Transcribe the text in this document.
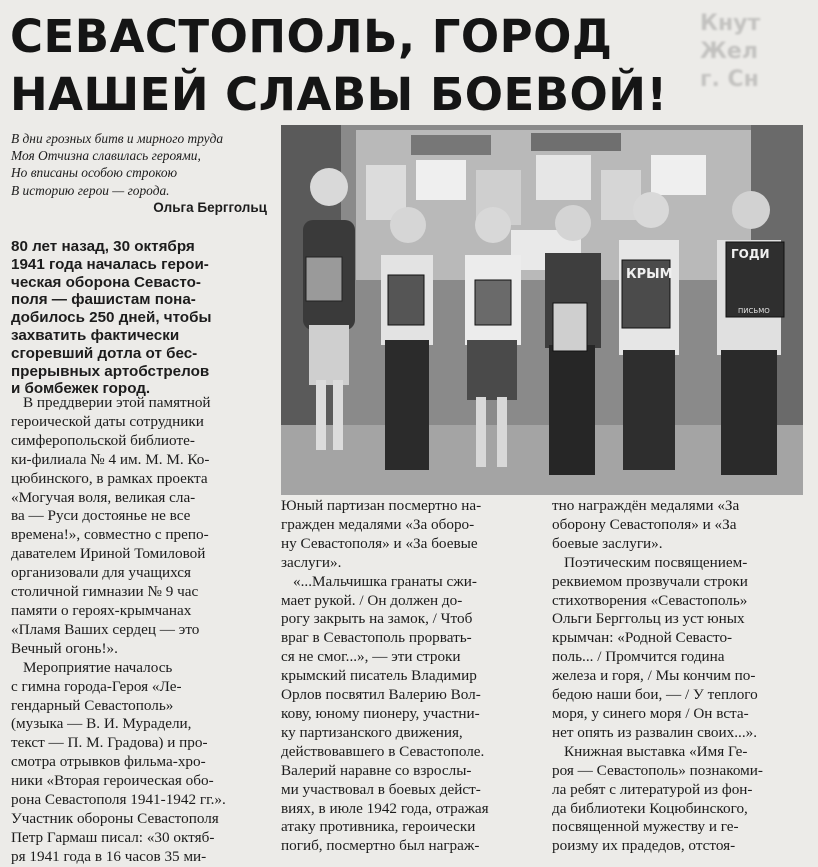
СЕВАСТОПОЛЬ, ГОРОД
НАШЕЙ СЛАВЫ БОЕВОЙ!
Кнут
Жел
г. Сн
В дни грозных битв и мирного труда
Моя Отчизна славилась героями,
Но вписаны особою строкою
В историю герои — города.
Ольга Берггольц
80 лет назад, 30 октября
1941 года началась герои-
ческая оборона Севасто-
поля — фашистам пона-
добилось 250 дней, чтобы
захватить фактически
сгоревший дотла от бес-
прерывных артобстрелов
и бомбежек город.
КРЫМ
ГОДИ
ПИСЬМО

В преддверии этой памятной
героической даты сотрудники
симферопольской библиоте-
ки-филиала № 4 им. М. М. Ко-
цюбинского, в рамках проекта
«Могучая воля, великая сла-
ва — Руси достояньe не все
времена!», совместно с препо-
давателем Ириной Томиловой
организовали для учащихся
столичной гимназии № 9 час
памяти о героях-крымчанах
«Пламя Ваших сердец — это
Вечный огонь!».

Мероприятие началось
с гимна города-Героя «Ле-
гендарный Севастополь»
(музыка — В. И. Мурадели,
текст — П. М. Градова) и про-
смотра отрывков фильма-хро-
ники «Вторая героическая обо-
рона Севастополя 1941-1942 гг.».
Участник обороны Севастополя
Петр Гармаш писал: «30 октяб-
ря 1941 года в 16 часов 35 ми-

Юный партизан посмертно на-
гражден медалями «За оборо-
ну Севастополя» и «За боевые
заслуги».

«...Мальчишка гранаты сжи-
мает рукой. / Он должен до-
рогу закрыть на замок, / Чтоб
враг в Севастополь прорвать-
ся не смог...», — эти строки
крымский писатель Владимир
Орлов посвятил Валерию Вол-
кову, юному пионеру, участни-
ку партизанского движения,
действовавшего в Севастополе.
Валерий наравне со взрослы-
ми участвовал в боевых дейст-
виях, в июле 1942 года, отражая
атаку противника, героически
погиб, посмертно был награж-

тно награждён медалями «За
оборону Севастополя» и «За
боевые заслуги».

Поэтическим посвящением-
реквиемом прозвучали строки
стихотворения «Севастополь»
Ольги Берггольц из уст юных
крымчан: «Родной Севасто-
поль... / Промчится година
железа и горя, / Мы кончим по-
бедою наши бои, — / У теплого
моря, у синего моря / Он вста-
нет опять из развалин своих...».

Книжная выставка «Имя Ге-
роя — Севастополь» познакоми-
ла ребят с литературой из фон-
да библиотеки Коцюбинского,
посвященной мужеству и ге-
роизму их прадедов, отстоя-
